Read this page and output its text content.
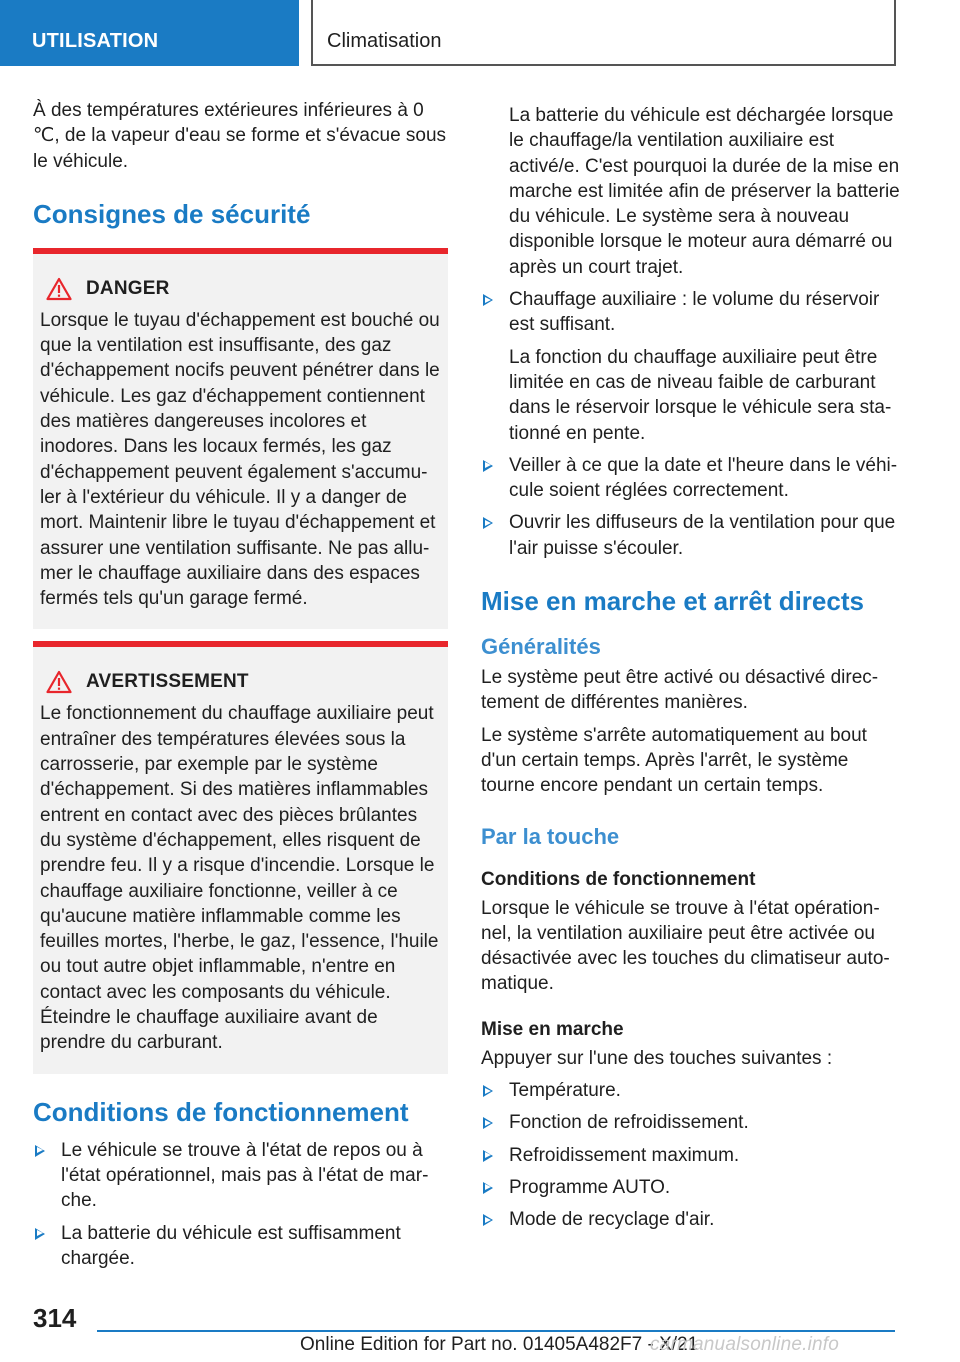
UTILISATION	Climatisation

À des températures extérieures inférieures à 0 ℃, de la vapeur d'eau se forme et s'évacue sous le véhicule.

Consignes de sécurité
DANGER

Lorsque le tuyau d'échappement est bouché ou que la ventilation est insuffisante, des gaz d'échappement nocifs peuvent pénétrer dans le véhicule. Les gaz d'échappement contiennent des matières dangereuses incolores et inodores. Dans les locaux fermés, les gaz d'échappement peuvent également s'accumuler à l'extérieur du véhicule. Il y a danger de mort. Maintenir libre le tuyau d'échappement et assurer une ventilation suffisante. Ne pas allumer le chauffage auxiliaire dans des espaces fermés tels qu'un garage fermé.

AVERTISSEMENT

Le fonctionnement du chauffage auxiliaire peut entraîner des températures élevées sous la carrosserie, par exemple par le système d'échappement. Si des matières inflammables entrent en contact avec des pièces brûlantes du système d'échappement, elles risquent de prendre feu. Il y a risque d'incendie. Lorsque le chauffage auxiliaire fonctionne, veiller à ce qu'aucune matière inflammable comme les feuilles mortes, l'herbe, le gaz, l'essence, l'huile ou tout autre objet inflammable, n'entre en contact avec les composants du véhicule. Éteindre le chauffage auxiliaire avant de prendre du carburant.

Conditions de fonctionnement
Le véhicule se trouve à l'état de repos ou à l'état opérationnel, mais pas à l'état de marche.
La batterie du véhicule est suffisamment chargée.

La batterie du véhicule est déchargée lorsque le chauffage/la ventilation auxiliaire est activé/e. C'est pourquoi la durée de la mise en marche est limitée afin de préserver la batterie du véhicule. Le système sera à nouveau disponible lorsque le moteur aura démarré ou après un court trajet.

Chauffage auxiliaire : le volume du réservoir est suffisant.

La fonction du chauffage auxiliaire peut être limitée en cas de niveau faible de carburant dans le réservoir lorsque le véhicule sera stationné en pente.

Veiller à ce que la date et l'heure dans le véhicule soient réglées correctement.
Ouvrir les diffuseurs de la ventilation pour que l'air puisse s'écouler.
Mise en marche et arrêt directs
Généralités

Le système peut être activé ou désactivé directement de différentes manières.

Le système s'arrête automatiquement au bout d'un certain temps. Après l'arrêt, le système tourne encore pendant un certain temps.

Par la touche
Conditions de fonctionnement

Lorsque le véhicule se trouve à l'état opérationnel, la ventilation auxiliaire peut être activée ou désactivée avec les touches du climatiseur automatique.

Mise en marche

Appuyer sur l'une des touches suivantes :

Température.
Fonction de refroidissement.
Refroidissement maximum.
Programme AUTO.
Mode de recyclage d'air.
314
Online Edition for Part no. 01405A482F7 - X/21
carmanualsonline.info
